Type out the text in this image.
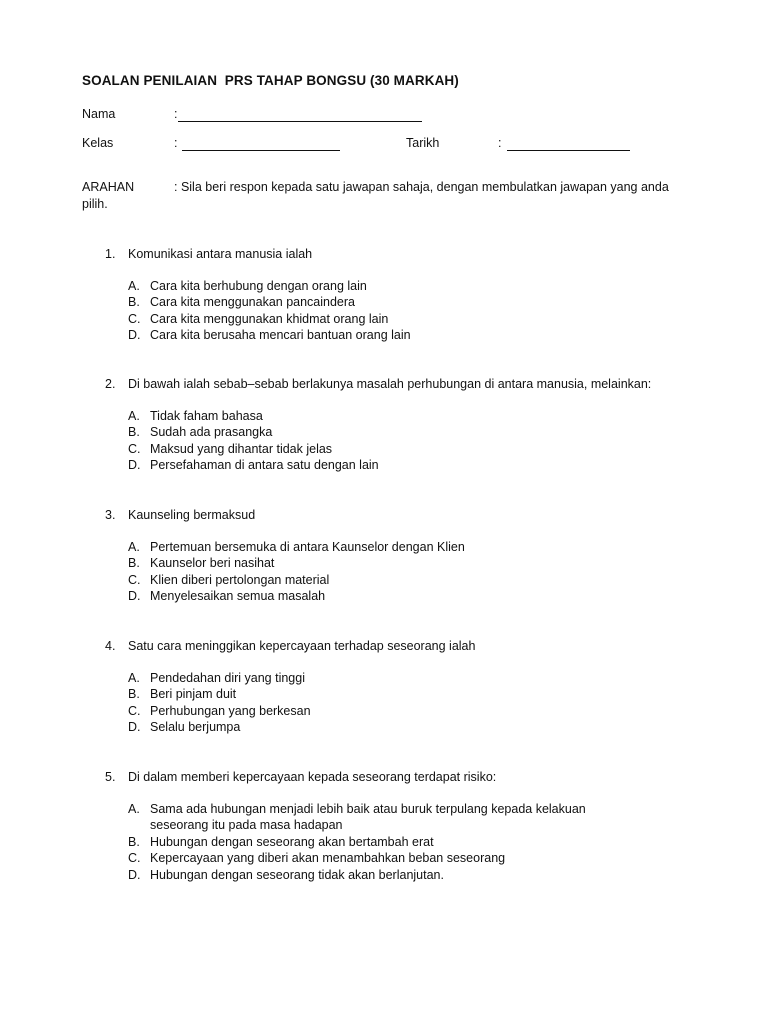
SOALAN PENILAIAN  PRS TAHAP BONGSU (30 MARKAH)
Nama	:
Kelas	:	Tarikh	:
ARAHAN	: Sila beri respon kepada satu jawapan sahaja, dengan membulatkan jawapan yang anda
pilih.
1. Komunikasi antara manusia ialah
A. Cara kita berhubung dengan orang lain
B. Cara kita menggunakan pancaindera
C. Cara kita menggunakan khidmat orang lain
D. Cara kita berusaha mencari bantuan orang lain
2. Di bawah ialah sebab–sebab berlakunya masalah perhubungan di antara manusia, melainkan:
A. Tidak faham bahasa
B. Sudah ada prasangka
C. Maksud yang dihantar tidak jelas
D. Persefahaman di antara satu dengan lain
3. Kaunseling bermaksud
A. Pertemuan bersemuka di antara Kaunselor dengan Klien
B. Kaunselor beri nasihat
C. Klien diberi pertolongan material
D. Menyelesaikan semua masalah
4. Satu cara meninggikan kepercayaan terhadap seseorang ialah
A. Pendedahan diri yang tinggi
B. Beri pinjam duit
C. Perhubungan yang berkesan
D. Selalu berjumpa
5. Di dalam memberi kepercayaan kepada seseorang terdapat risiko:
A. Sama ada hubungan menjadi lebih baik atau buruk terpulang kepada kelakuan seseorang itu pada masa hadapan
B. Hubungan dengan seseorang akan bertambah erat
C. Kepercayaan yang diberi akan menambahkan beban seseorang
D. Hubungan dengan seseorang tidak akan berlanjutan.
